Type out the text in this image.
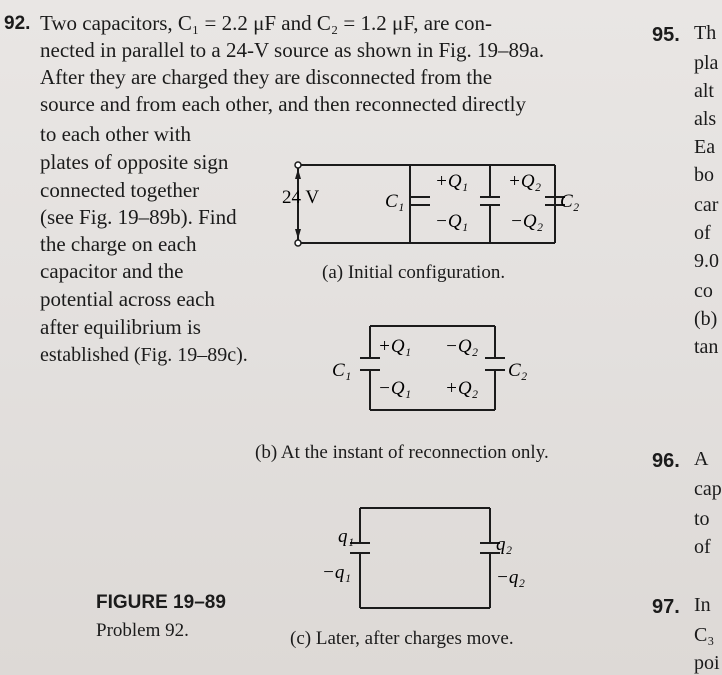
92. Two capacitors, C₁ = 2.2 μF and C₂ = 1.2 μF, are con-
nected in parallel to a 24-V source as shown in Fig. 19–89a.
After they are charged they are disconnected from the
source and from each other, and then reconnected directly
to each other with
plates of opposite sign
connected together
(see Fig. 19–89b). Find
the charge on each
capacitor and the
potential across each
after equilibrium is
established (Fig. 19–89c).
24 V	C₁
+Q₁ +Q₂
−Q₁ −Q₂
C₂
(a) Initial configuration.
C₁
+Q₁ −Q₂
−Q₁ +Q₂
C₂
(b) At the instant of reconnection only.
q₁	q₂
−q₁	−q₂
(c) Later, after charges move.
FIGURE 19–89
Problem 92.
95. Th
pla
alt
als
Ea
bo
car
of
9.0
co
(b)
tan
96. A
cap
to
of
97. In
C₃
poi
